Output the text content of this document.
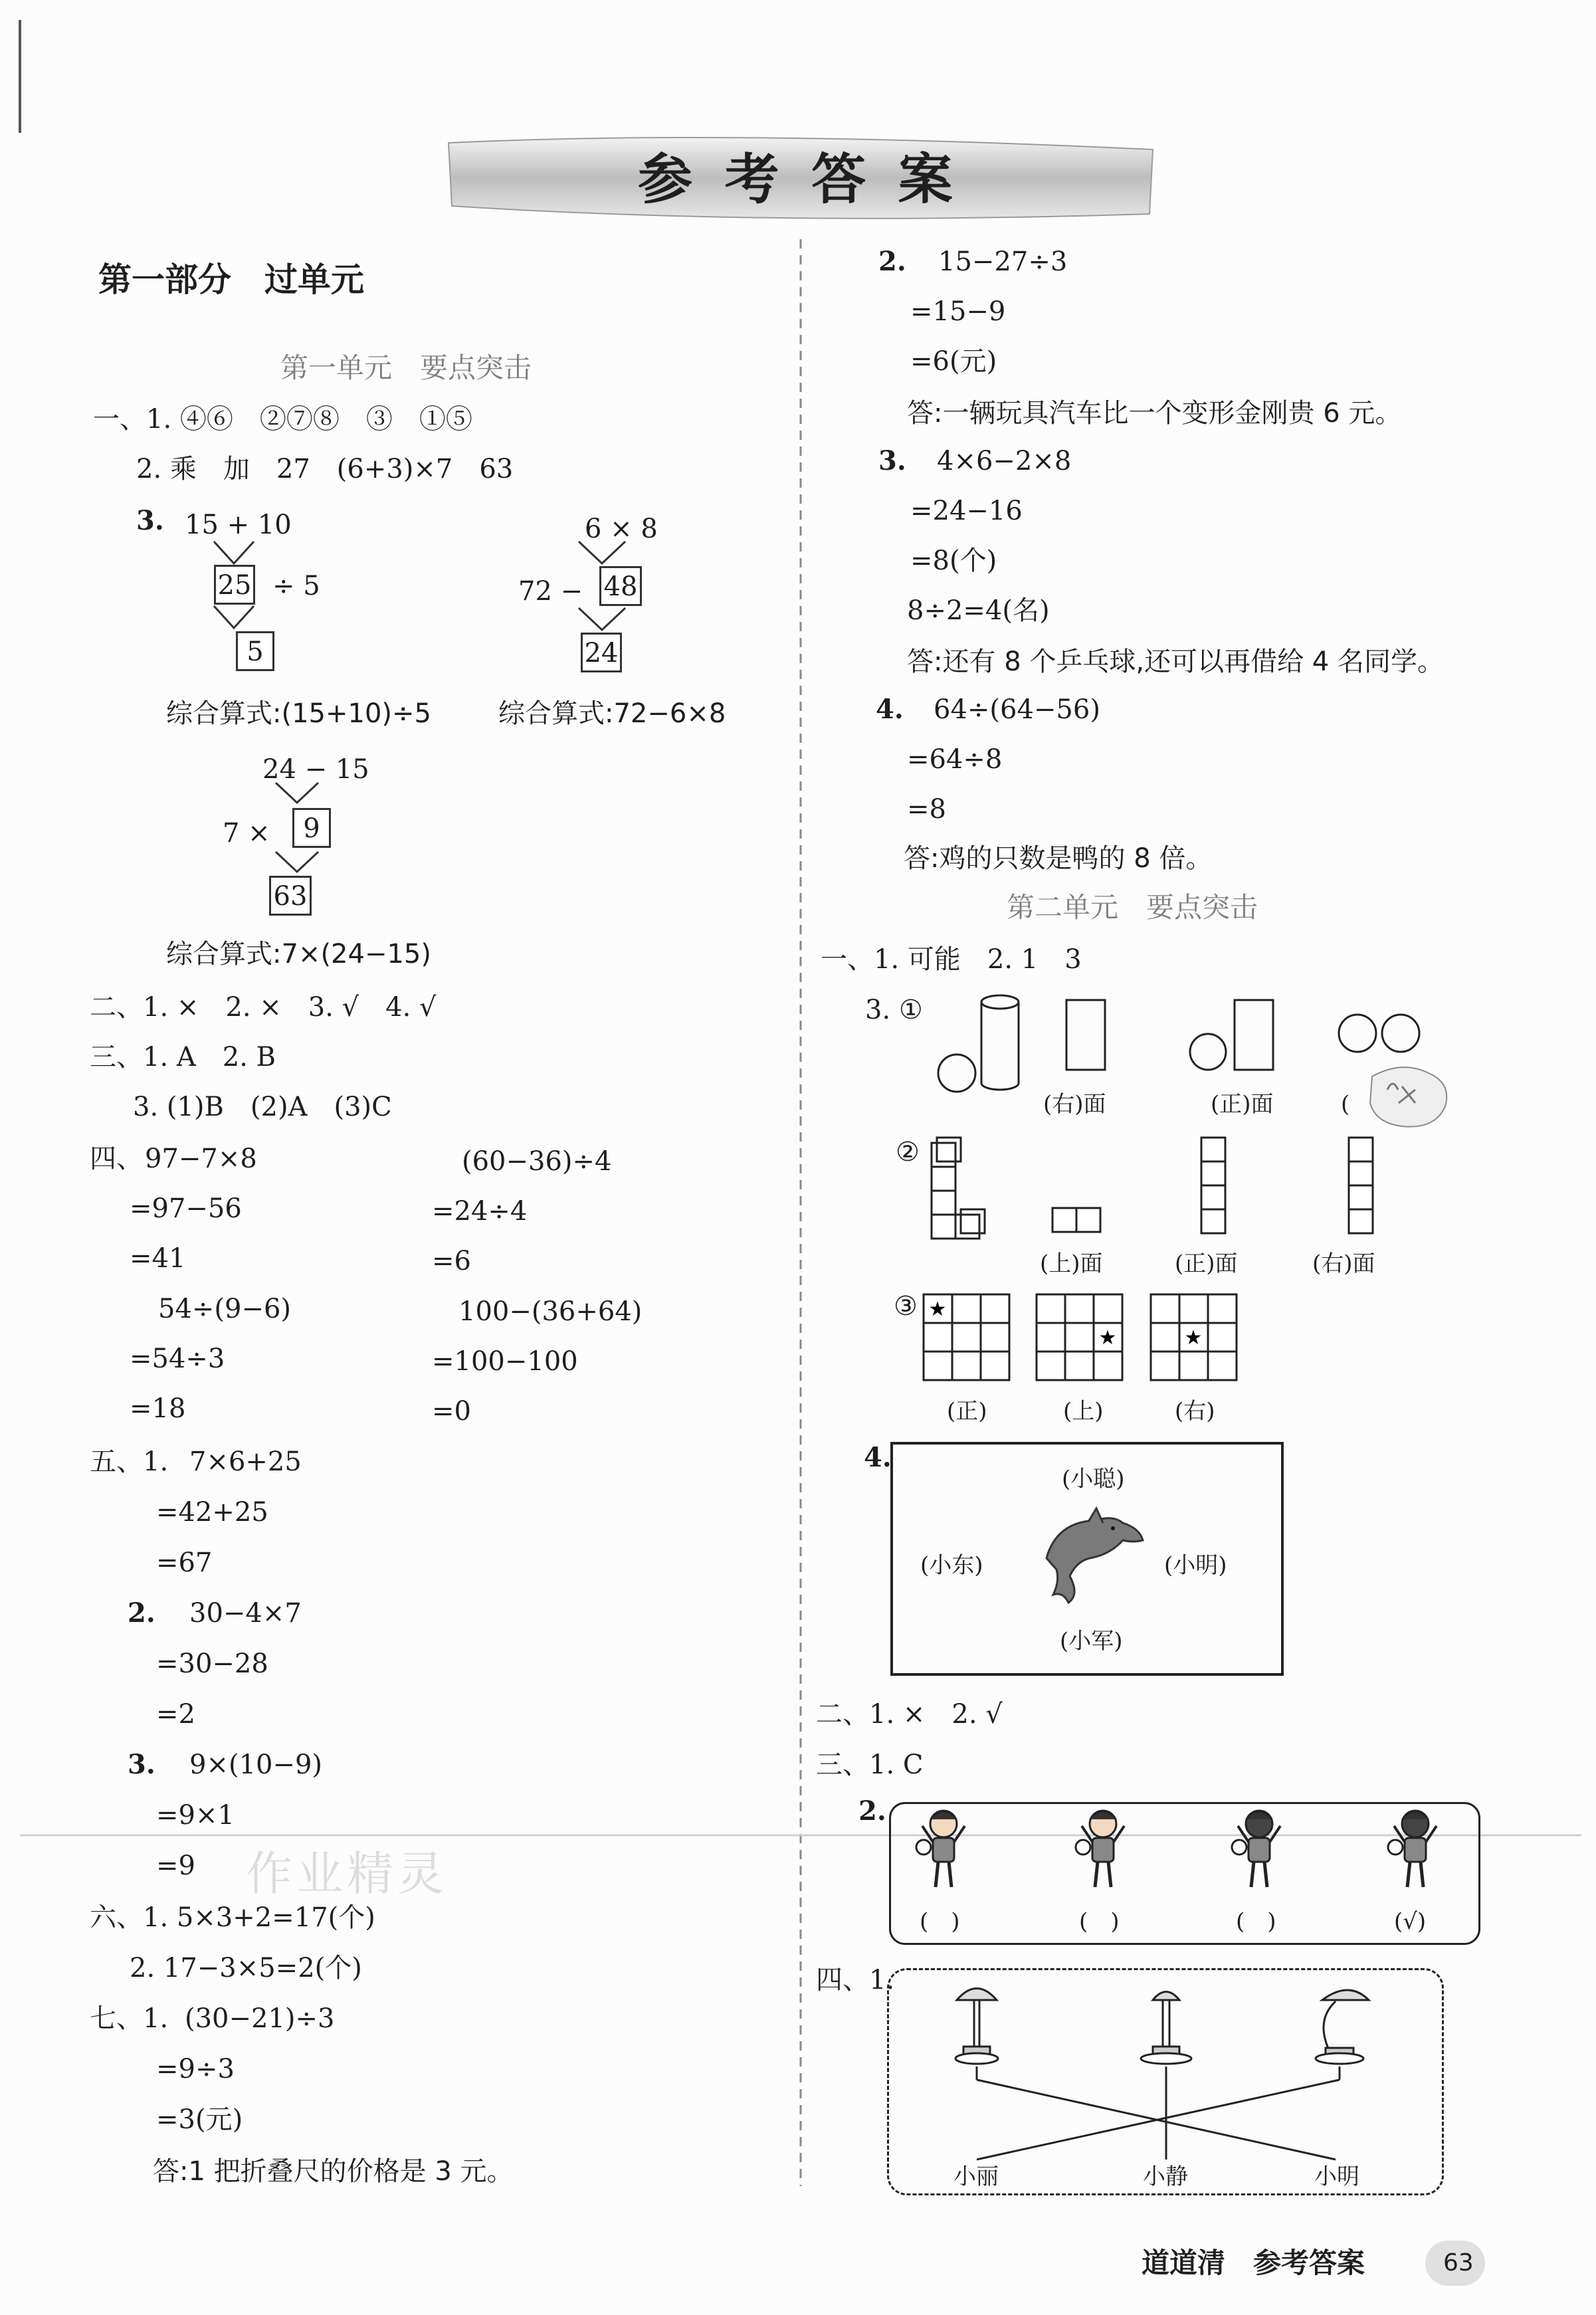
参 考 答 案
第一部分　过单元
第一单元　要点突击
一、1. ④⑥　②⑦⑧　③　①⑤
2. 乘　加　27　(6+3)×7　63
3. 15 + 10
25 ÷ 5
5
综合算式:(15+10)÷5
6 × 8
72 − 48
24
综合算式:72−6×8
24 − 15
7 ×	9
63
综合算式:7×(24−15)
二、1. ×　2. ×　3. √　4. √
三、1. A　2. B
3. (1)B　(2)A　(3)C
四、 97−7×8
=97−56
=41
54÷(9−6)
=54÷3
=18
(60−36)÷4
=24÷4
=6
100−(36+64)
=100−100
=0
五、1. 7×6+25
=42+25
=67
2. 30−4×7
=30−28
=2
3. 9×(10−9)
=9×1
=9 作业精灵
六、1. 5×3+2=17(个)
2. 17−3×5=2(个)
七、1. (30−21)÷3
=9÷3
=3(元)
答:1 把折叠尺的价格是 3 元。
2. 15−27÷3
=15−9
=6(元)
答:一辆玩具汽车比一个变形金刚贵 6 元。
3. 4×6−2×8
=24−16
=8(个)
8÷2=4(名)
答:还有 8 个乒乓球,还可以再借给 4 名同学。
4. 64÷(64−56)
=64÷8
=8
答:鸡的只数是鸭的 8 倍。
第二单元　要点突击
一、1. 可能　2. 1　3
3. ①
(右)面	(正)面	(
②
(上)面	(正)面	(右)面
③ ★
★	★
(正)	(上)	(右)
4.
(小聪)
(小东)	(小明)
(小军)
二、1. ×　2. √
三、1. C
2.
(　)	(　)	(　)	(√)
四、1.
小丽	小静	小明
道道清　参考答案	63
